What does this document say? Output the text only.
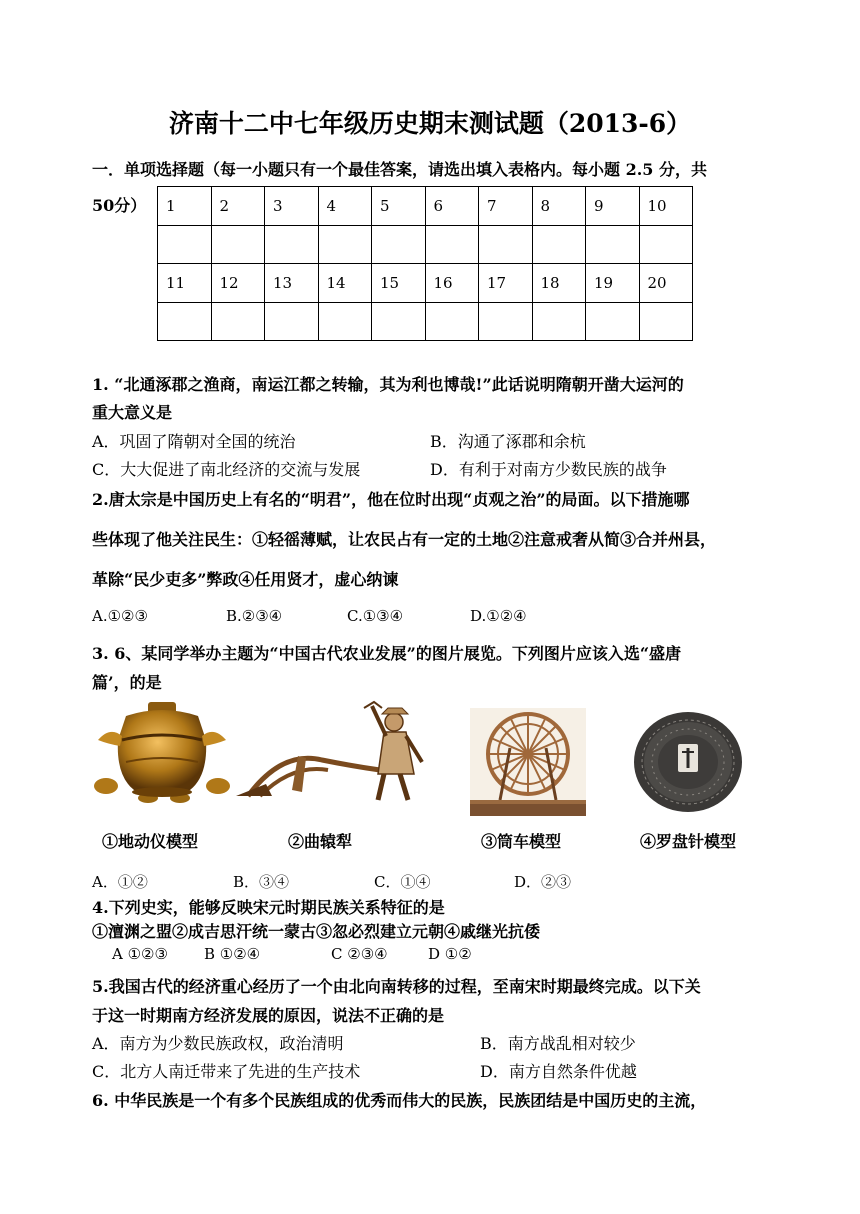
济南十二中七年级历史期末测试题（2013-6）
一．单项选择题（每一小题只有一个最佳答案，请选出填入表格内。每小题 2.5 分，共
50分） 1	2	3	4	5	6	7	8	9	10

11	12	13	14	15	16	17	18	19	20

1. “北通涿郡之渔商，南运江都之转输，其为利也博哉!”此话说明隋朝开凿大运河的
重大意义是
A．巩固了隋朝对全国的统治	B．沟通了涿郡和余杭
C．大大促进了南北经济的交流与发展	D．有利于对南方少数民族的战争
2.唐太宗是中国历史上有名的“明君”，他在位时出现“贞观之治”的局面。以下措施哪
些体现了他关注民生：①轻徭薄赋，让农民占有一定的土地②注意戒奢从简③合并州县，
革除“民少吏多”弊政④任用贤才，虚心纳谏
A.①②③	B.②③④	C.①③④	D.①②④
3. 6、某同学举办主题为“中国古代农业发展”的图片展览。下列图片应该入选“盛唐
篇’，的是
①地动仪模型	②曲辕犁	③筒车模型	④罗盘针模型
A．①②	B．③④	C．①④	D．②③
4.下列史实，能够反映宋元时期民族关系特征的是
①澶渊之盟②成吉思汗统一蒙古③忽必烈建立元朝④戚继光抗倭
A ①②③ B ①②④	C ②③④	D ①②
5.我国古代的经济重心经历了一个由北向南转移的过程，至南宋时期最终完成。以下关
于这一时期南方经济发展的原因，说法不正确的是
A．南方为少数民族政权，政治清明	B．南方战乱相对较少
C．北方人南迁带来了先进的生产技术	D．南方自然条件优越
6. 中华民族是一个有多个民族组成的优秀而伟大的民族，民族团结是中国历史的主流，
